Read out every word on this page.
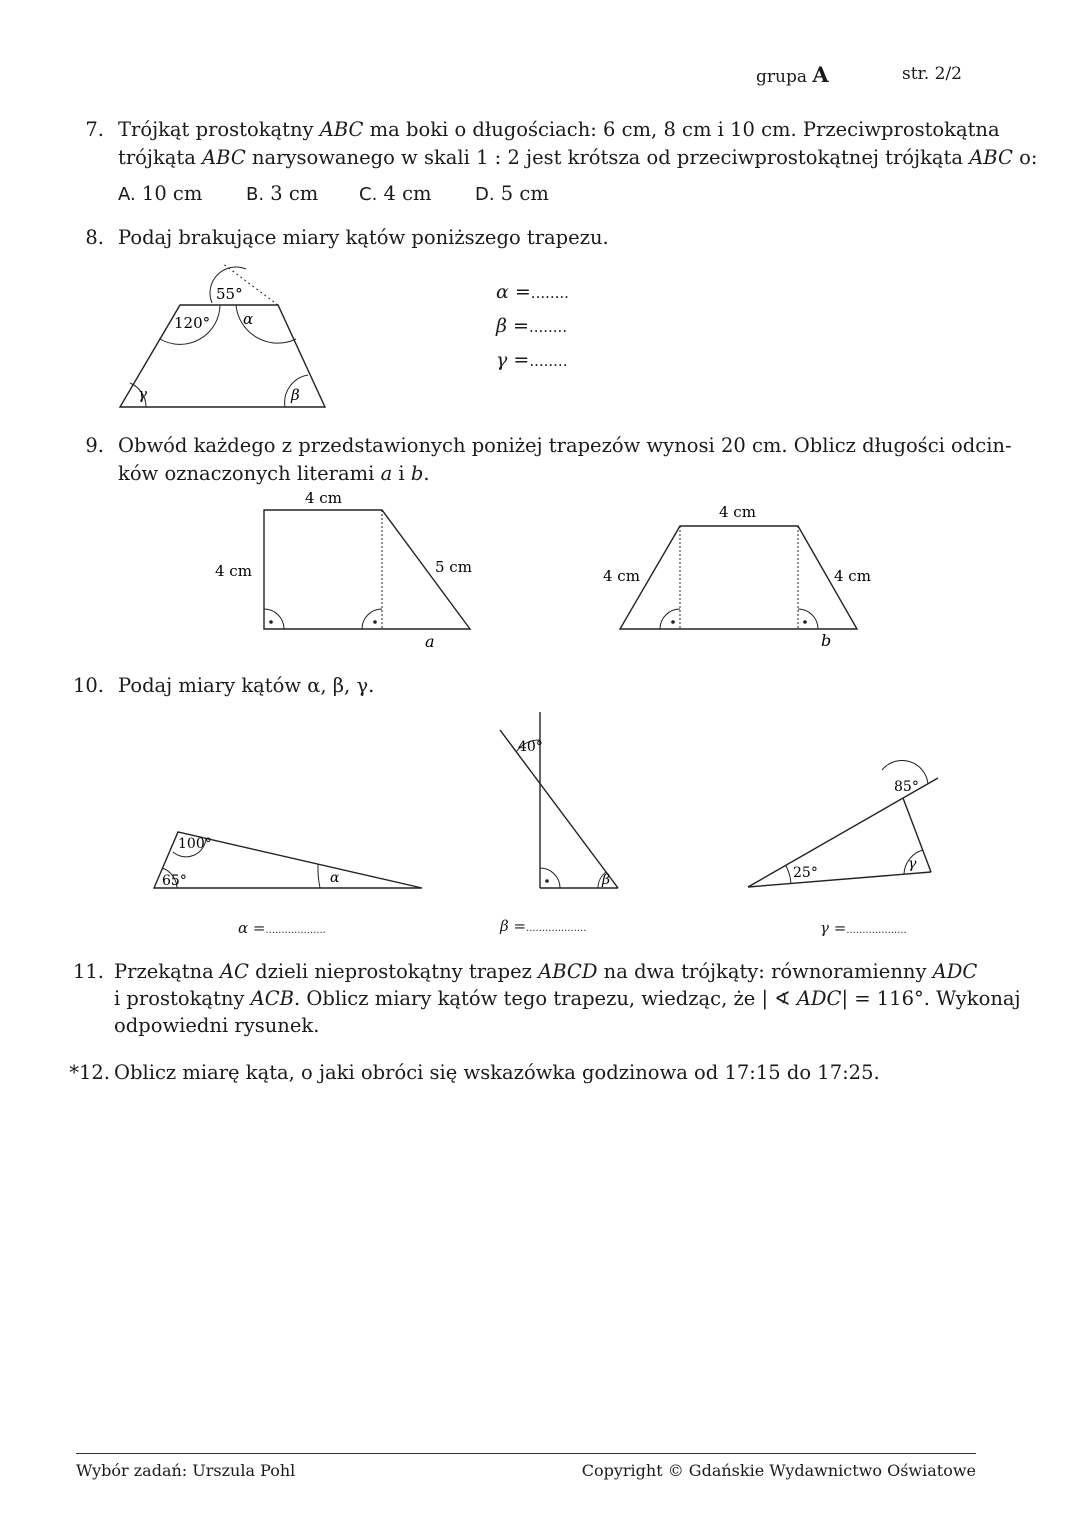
grupa A	str. 2/2
7. Trójkąt prostokątny ABC ma boki o długościach: 6 cm, 8 cm i 10 cm. Przeciwprostokątna
trójkąta ABC narysowanego w skali 1 : 2 jest krótsza od przeciwprostokątnej trójkąta ABC o:
A. 10 cm B. 3 cm C. 4 cm D. 5 cm
8. Podaj brakujące miary kątów poniższego trapezu.
55°
120° α
γ	β
α =........
β =........
γ =........
9. Obwód każdego z przedstawionych poniżej trapezów wynosi 20 cm. Oblicz długości odcin-
ków oznaczonych literami a i b.
4 cm
4 cm	5 cm
a
4 cm
4 cm	4 cm
b
10. Podaj miary kątów α, β, γ.
100°
65°	α
40°
β
85°
25°
γ
α =...................	β =...................	γ =...................
11. Przekątna AC dzieli nieprostokątny trapez ABCD na dwa trójkąty: równoramienny ADC
i prostokątny ACB. Oblicz miary kątów tego trapezu, wiedząc, że | ∢ ADC| = 116°. Wykonaj
odpowiedni rysunek.
*12. Oblicz miarę kąta, o jaki obróci się wskazówka godzinowa od 17:15 do 17:25.
Wybór zadań: Urszula Pohl	Copyright © Gdańskie Wydawnictwo Oświatowe
